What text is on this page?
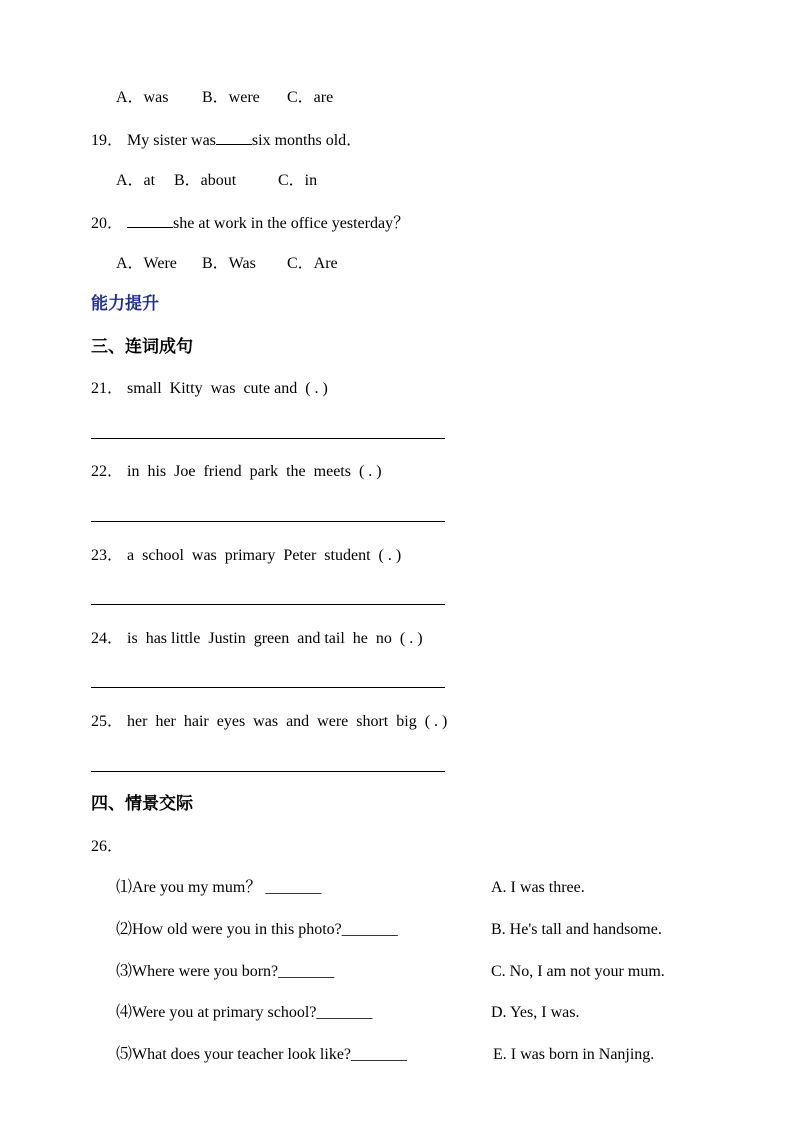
A．was B．were C．are
19． My sister was six months old．
A．at B．about	C．in
20．	she at work in the office yesterday？
A．Were B．Was C．Are
能力提升
三、连词成句
21． small  Kitty  was  cute and  ( . )
22． in  his  Joe  friend  park  the  meets  ( . )
23． a  school  was  primary  Peter  student  ( . )
24． is  has little  Justin  green  and tail  he  no  ( . )
25． her  her  hair  eyes  was  and  were  short  big  ( . )
四、情景交际
26．
⑴Are you my mum？ _______
⑵How old were you in this photo?_______
⑶Where were you born?_______
⑷Were you at primary school?_______
⑸What does your teacher look like?_______
A. I was three.
B. He's tall and handsome.
C. No, I am not your mum.
D. Yes, I was.
E. I was born in Nanjing.
